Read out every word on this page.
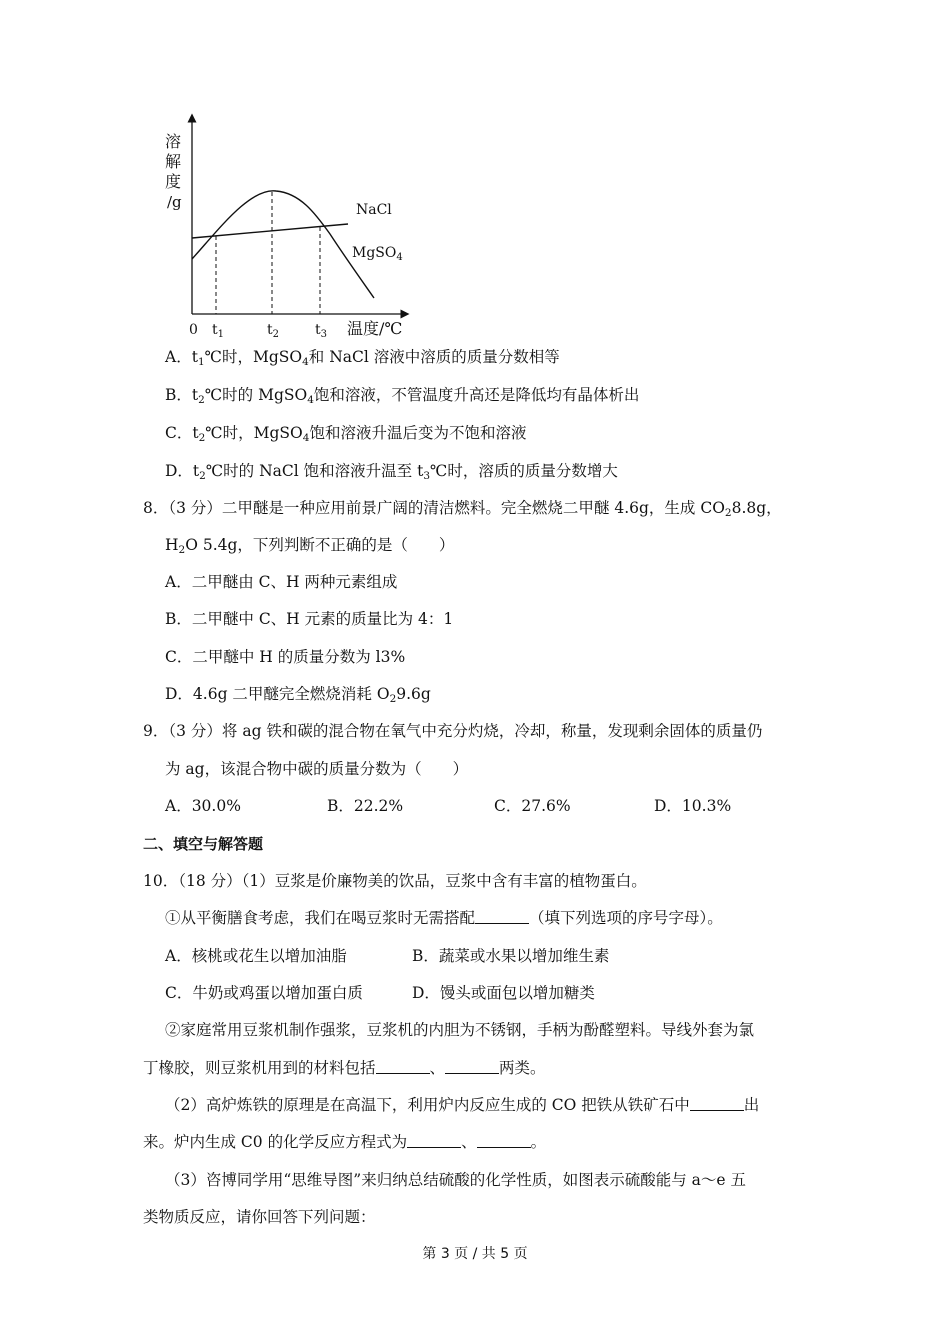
溶
解
度
/g	NaCl
MgSO$_4$
0 $t_1$	$t_2$	$t_3$ 温度/℃
A．$t_1℃$时，MgSO$_4$和 NaCl 溶液中溶质的质量分数相等
B．$t_2℃$时的 MgSO$_4$饱和溶液，不管温度升高还是降低均有晶体析出
C．$t_2℃$时，MgSO$_4$饱和溶液升温后变为不饱和溶液
D．$t_2℃$时的 NaCl 饱和溶液升温至 $t_3℃$时，溶质的质量分数增大
8．（3 分）二甲醚是一种应用前景广阔的清洁燃料。完全燃烧二甲醚 4.6g，生成 $CO_28.8g$，
$H_2O$ 5.4g，下列判断不正确的是（　　）
A．二甲醚由 C、H 两种元素组成
B．二甲醚中 C、H 元素的质量比为 4：1
C．二甲醚中 H 的质量分数为 l3%
D．4.6g 二甲醚完全燃烧消耗 $O_29.6g$
9．（3 分）将 ag 铁和碳的混合物在氧气中充分灼烧，冷却，称量，发现剩余固体的质量仍
为 ag，该混合物中碳的质量分数为（　　）
A．30.0%	B．22.2%	C．27.6%	D．10.3%
二、填空与解答题
10．（18 分）（1）豆浆是价廉物美的饮品，豆浆中含有丰富的植物蛋白。
①从平衡膳食考虑，我们在喝豆浆时无需搭配	（填下列选项的序号字母）。
A．核桃或花生以增加油脂	B．蔬菜或水果以增加维生素
C．牛奶或鸡蛋以增加蛋白质	D．馒头或面包以增加糖类
②家庭常用豆浆机制作强浆，豆浆机的内胆为不锈钢，手柄为酚醛塑料。导线外套为氯
丁橡胶，则豆浆机用到的材料包括	、	两类。
（2）高炉炼铁的原理是在高温下，利用炉内反应生成的 CO 把铁从铁矿石中	出
来。炉内生成 C0 的化学反应方程式为	、	。
（3）咨博同学用“思维导图”来归纳总结硫酸的化学性质，如图表示硫酸能与 a～e 五
类物质反应，请你回答下列问题：
第 3 页 / 共 5 页
